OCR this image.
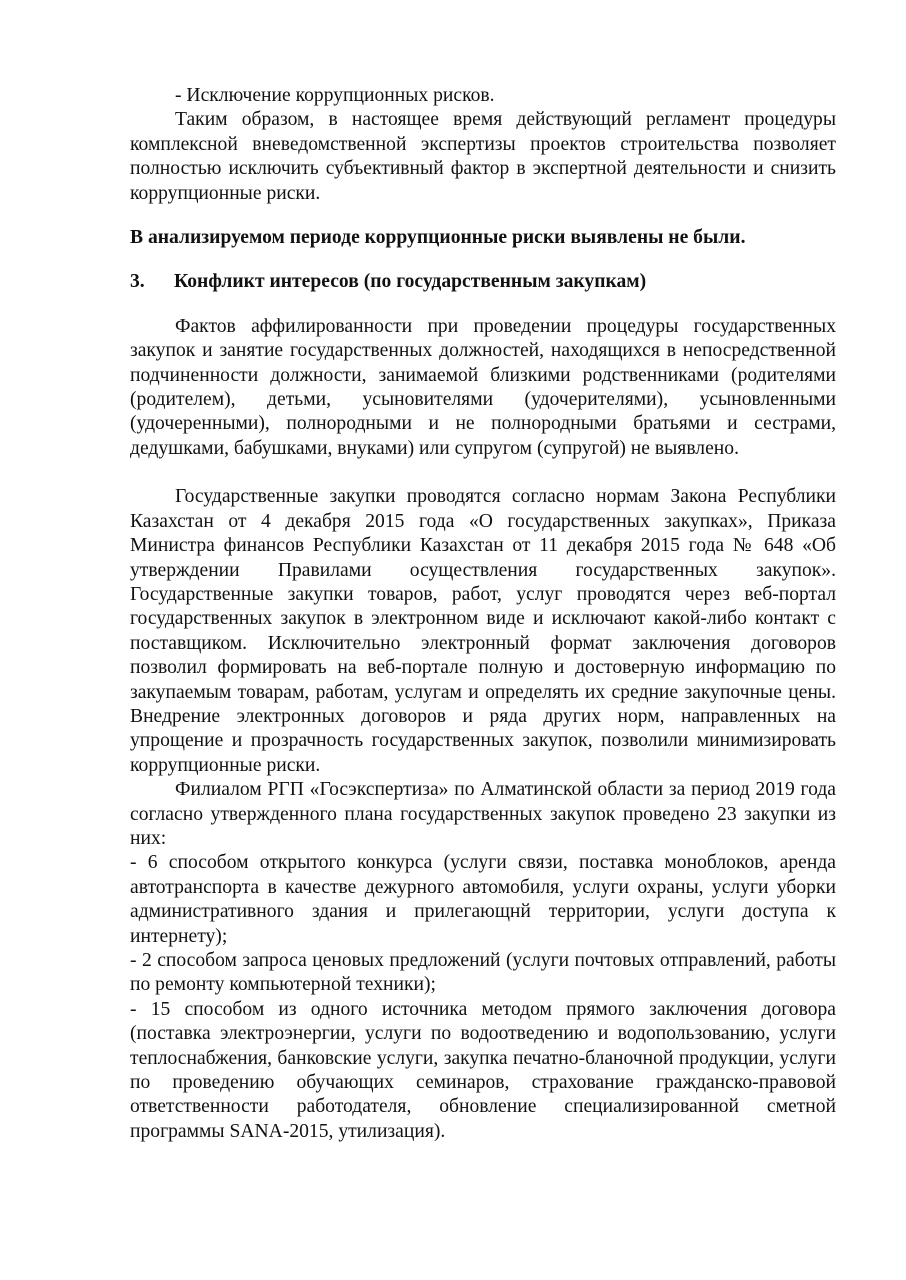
- Исключение коррупционных рисков.

Таким образом, в настоящее время действующий регламент процедуры комплексной вневедомственной экспертизы проектов строительства позволяет полностью исключить субъективный фактор в экспертной деятельности и снизить коррупционные риски.

В анализируемом периоде коррупционные риски выявлены не были.

3.	Конфликт интересов (по государственным закупкам)

Фактов аффилированности при проведении процедуры государственных закупок и занятие государственных должностей, находящихся в непосредственной подчиненности должности, занимаемой близкими родственниками (родителями (родителем), детьми, усыновителями (удочерителями), усыновленными (удочеренными), полнородными и не полнородными братьями и сестрами, дедушками, бабушками, внуками) или супругом (супругой) не выявлено.

Государственные закупки проводятся согласно нормам Закона Республики Казахстан от 4 декабря 2015 года «О государственных закупках», Приказа Министра финансов Республики Казахстан от 11 декабря 2015 года № 648 «Об утверждении Правилами осуществления государственных закупок». Государственные закупки товаров, работ, услуг проводятся через веб-портал государственных закупок в электронном виде и исключают какой-либо контакт с поставщиком. Исключительно электронный формат заключения договоров позволил формировать на веб-портале полную и достоверную информацию по закупаемым товарам, работам, услугам и определять их средние закупочные цены. Внедрение электронных договоров и ряда других норм, направленных на упрощение и прозрачность государственных закупок, позволили минимизировать коррупционные риски.

Филиалом РГП «Госэкспертиза» по Алматинской области за период 2019 года согласно утвержденного плана государственных закупок проведено 23 закупки из них:

- 6 способом открытого конкурса (услуги связи, поставка моноблоков, аренда автотранспорта в качестве дежурного автомобиля, услуги охраны, услуги уборки административного здания и прилегающнй территории, услуги доступа к интернету);

- 2 способом запроса ценовых предложений (услуги почтовых отправлений, работы по ремонту компьютерной техники);

- 15 способом из одного источника методом прямого заключения договора (поставка электроэнергии, услуги по водоотведению и водопользованию, услуги теплоснабжения, банковские услуги, закупка печатно-бланочной продукции, услуги по проведению обучающих семинаров, страхование гражданско-правовой ответственности работодателя, обновление специализированной сметной программы SANA-2015, утилизация).
